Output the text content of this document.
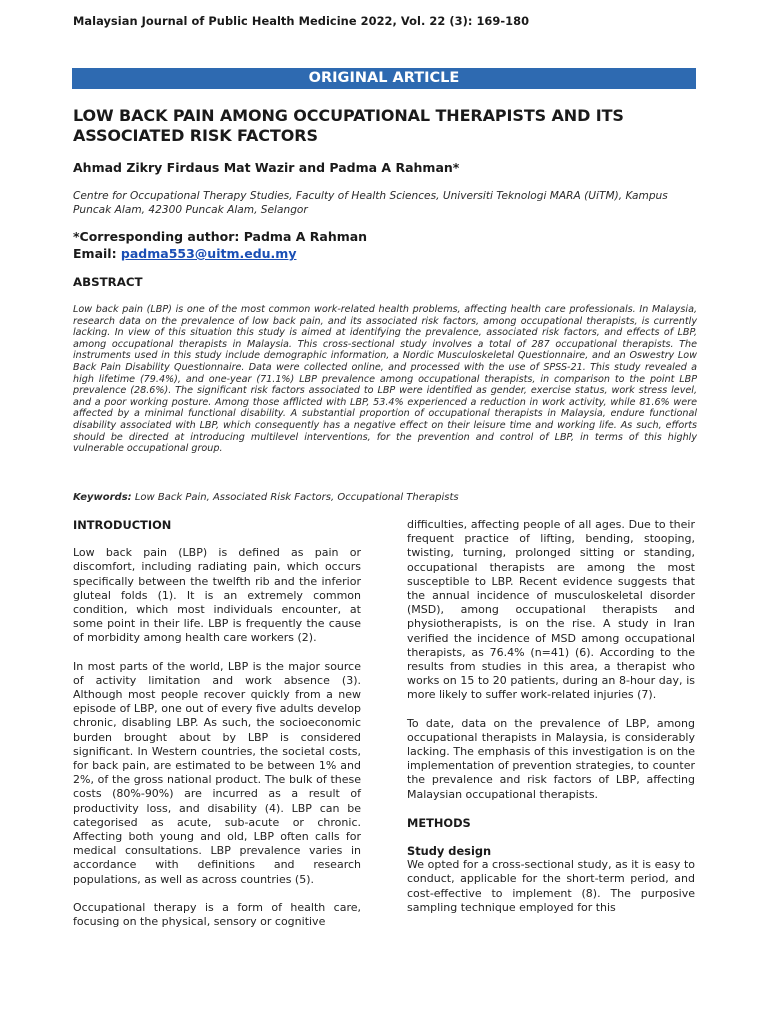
Malaysian Journal of Public Health Medicine 2022, Vol. 22 (3): 169-180
ORIGINAL ARTICLE
LOW BACK PAIN AMONG OCCUPATIONAL THERAPISTS AND ITS ASSOCIATED RISK FACTORS
Ahmad Zikry Firdaus Mat Wazir and Padma A Rahman*
Centre for Occupational Therapy Studies, Faculty of Health Sciences, Universiti Teknologi MARA (UiTM), Kampus Puncak Alam, 42300 Puncak Alam, Selangor
*Corresponding author: Padma A Rahman
Email: padma553@uitm.edu.my
ABSTRACT
Low back pain (LBP) is one of the most common work-related health problems, affecting health care professionals. In Malaysia, research data on the prevalence of low back pain, and its associated risk factors, among occupational therapists, is currently lacking. In view of this situation this study is aimed at identifying the prevalence, associated risk factors, and effects of LBP, among occupational therapists in Malaysia. This cross-sectional study involves a total of 287 occupational therapists. The instruments used in this study include demographic information, a Nordic Musculoskeletal Questionnaire, and an Oswestry Low Back Pain Disability Questionnaire. Data were collected online, and processed with the use of SPSS-21. This study revealed a high lifetime (79.4%), and one-year (71.1%) LBP prevalence among occupational therapists, in comparison to the point LBP prevalence (28.6%). The significant risk factors associated to LBP were identified as gender, exercise status, work stress level, and a poor working posture. Among those afflicted with LBP, 53.4% experienced a reduction in work activity, while 81.6% were affected by a minimal functional disability. A substantial proportion of occupational therapists in Malaysia, endure functional disability associated with LBP, which consequently has a negative effect on their leisure time and working life. As such, efforts should be directed at introducing multilevel interventions, for the prevention and control of LBP, in terms of this highly vulnerable occupational group.
Keywords: Low Back Pain, Associated Risk Factors, Occupational Therapists
INTRODUCTION

Low back pain (LBP) is defined as pain or discomfort, including radiating pain, which occurs specifically between the twelfth rib and the inferior gluteal folds (1). It is an extremely common condition, which most individuals encounter, at some point in their life. LBP is frequently the cause of morbidity among health care workers (2).

In most parts of the world, LBP is the major source of activity limitation and work absence (3). Although most people recover quickly from a new episode of LBP, one out of every five adults develop chronic, disabling LBP. As such, the socioeconomic burden brought about by LBP is considered significant. In Western countries, the societal costs, for back pain, are estimated to be between 1% and 2%, of the gross national product. The bulk of these costs (80%-90%) are incurred as a result of productivity loss, and disability (4). LBP can be categorised as acute, sub-acute or chronic. Affecting both young and old, LBP often calls for medical consultations. LBP prevalence varies in accordance with definitions and research populations, as well as across countries (5).

Occupational therapy is a form of health care, focusing on the physical, sensory or cognitive

difficulties, affecting people of all ages. Due to their frequent practice of lifting, bending, stooping, twisting, turning, prolonged sitting or standing, occupational therapists are among the most susceptible to LBP. Recent evidence suggests that the annual incidence of musculoskeletal disorder (MSD), among occupational therapists and physiotherapists, is on the rise. A study in Iran verified the incidence of MSD among occupational therapists, as 76.4% (n=41) (6). According to the results from studies in this area, a therapist who works on 15 to 20 patients, during an 8-hour day, is more likely to suffer work-related injuries (7).

To date, data on the prevalence of LBP, among occupational therapists in Malaysia, is considerably lacking. The emphasis of this investigation is on the implementation of prevention strategies, to counter the prevalence and risk factors of LBP, affecting Malaysian occupational therapists.

METHODS
Study design

We opted for a cross-sectional study, as it is easy to conduct, applicable for the short-term period, and cost-effective to implement (8). The purposive sampling technique employed for this
